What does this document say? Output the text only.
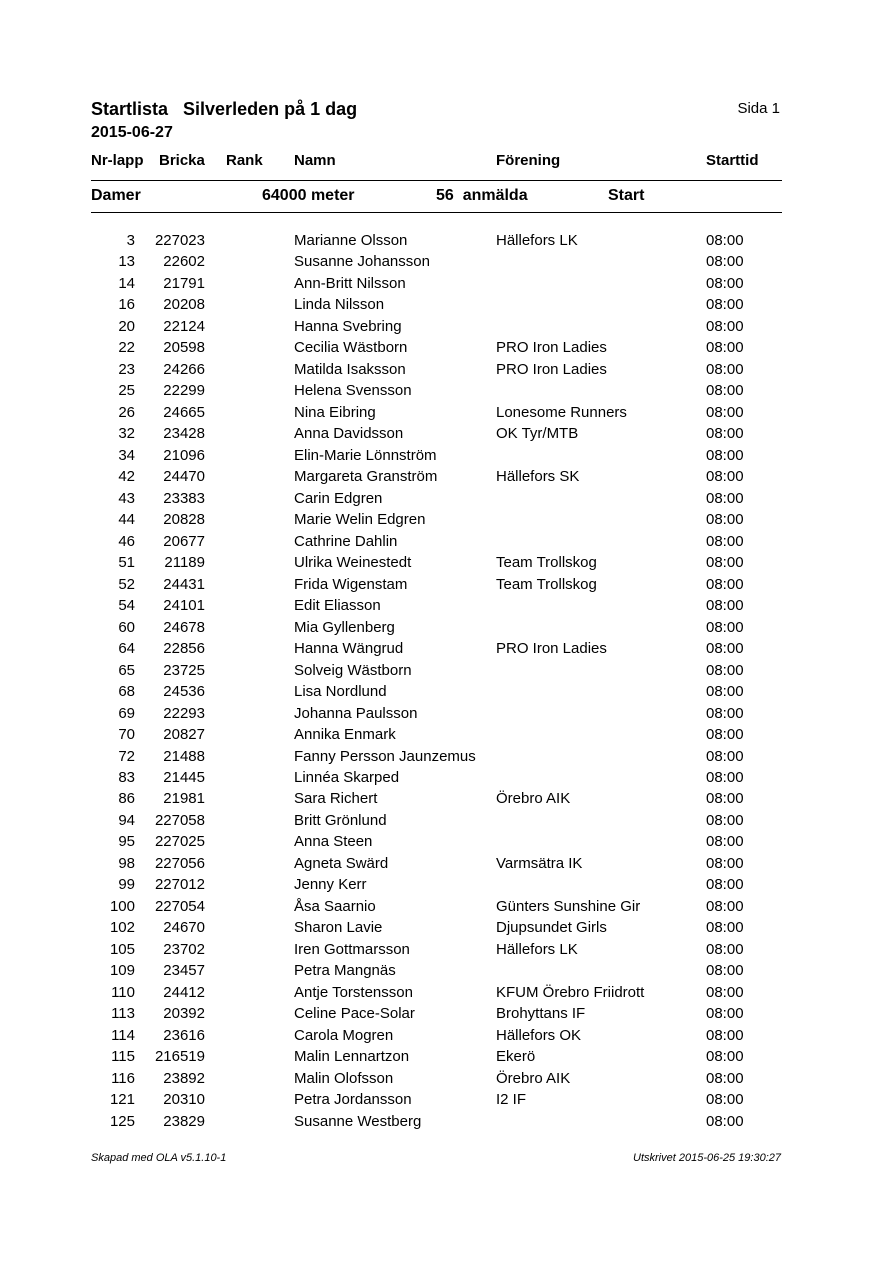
Startlista   Silverleden på 1 dag
2015-06-27
Sida 1
Nr-lapp Bricka Rank Namn	Förening	Starttid
Damer	64000 meter	56  anmälda	Start
3 227023	Marianne Olsson	Hällefors LK	08:00
13 22602	Susanne Johansson	08:00
14 21791	Ann-Britt Nilsson	08:00
16 20208	Linda Nilsson	08:00
20 22124	Hanna Svebring	08:00
22 20598	Cecilia Wästborn	PRO Iron Ladies	08:00
23 24266	Matilda Isaksson	PRO Iron Ladies	08:00
25 22299	Helena Svensson	08:00
26 24665	Nina Eibring	Lonesome Runners	08:00
32 23428	Anna Davidsson	OK Tyr/MTB	08:00
34 21096	Elin-Marie Lönnström	08:00
42 24470	Margareta Granström	Hällefors SK	08:00
43 23383	Carin Edgren	08:00
44 20828	Marie Welin Edgren	08:00
46 20677	Cathrine Dahlin	08:00
51 21189	Ulrika Weinestedt	Team Trollskog	08:00
52 24431	Frida Wigenstam	Team Trollskog	08:00
54 24101	Edit Eliasson	08:00
60 24678	Mia Gyllenberg	08:00
64 22856	Hanna Wängrud	PRO Iron Ladies	08:00
65 23725	Solveig Wästborn	08:00
68 24536	Lisa Nordlund	08:00
69 22293	Johanna Paulsson	08:00
70 20827	Annika Enmark	08:00
72 21488	Fanny Persson Jaunzemus	08:00
83 21445	Linnéa Skarped	08:00
86 21981	Sara Richert	Örebro AIK	08:00
94 227058	Britt Grönlund	08:00
95 227025	Anna Steen	08:00
98 227056	Agneta Swärd	Varmsätra IK	08:00
99 227012	Jenny Kerr	08:00
100 227054	Åsa Saarnio	Günters Sunshine Gir	08:00
102 24670	Sharon Lavie	Djupsundet Girls	08:00
105 23702	Iren Gottmarsson	Hällefors LK	08:00
109 23457	Petra Mangnäs	08:00
110 24412	Antje Torstensson	KFUM Örebro Friidrott	08:00
113 20392	Celine Pace-Solar	Brohyttans IF	08:00
114 23616	Carola Mogren	Hällefors OK	08:00
115 216519	Malin Lennartzon	Ekerö	08:00
116 23892	Malin Olofsson	Örebro AIK	08:00
121 20310	Petra Jordansson	I2 IF	08:00
125 23829	Susanne Westberg	08:00
Skapad med OLA v5.1.10-1	Utskrivet 2015-06-25 19:30:27
